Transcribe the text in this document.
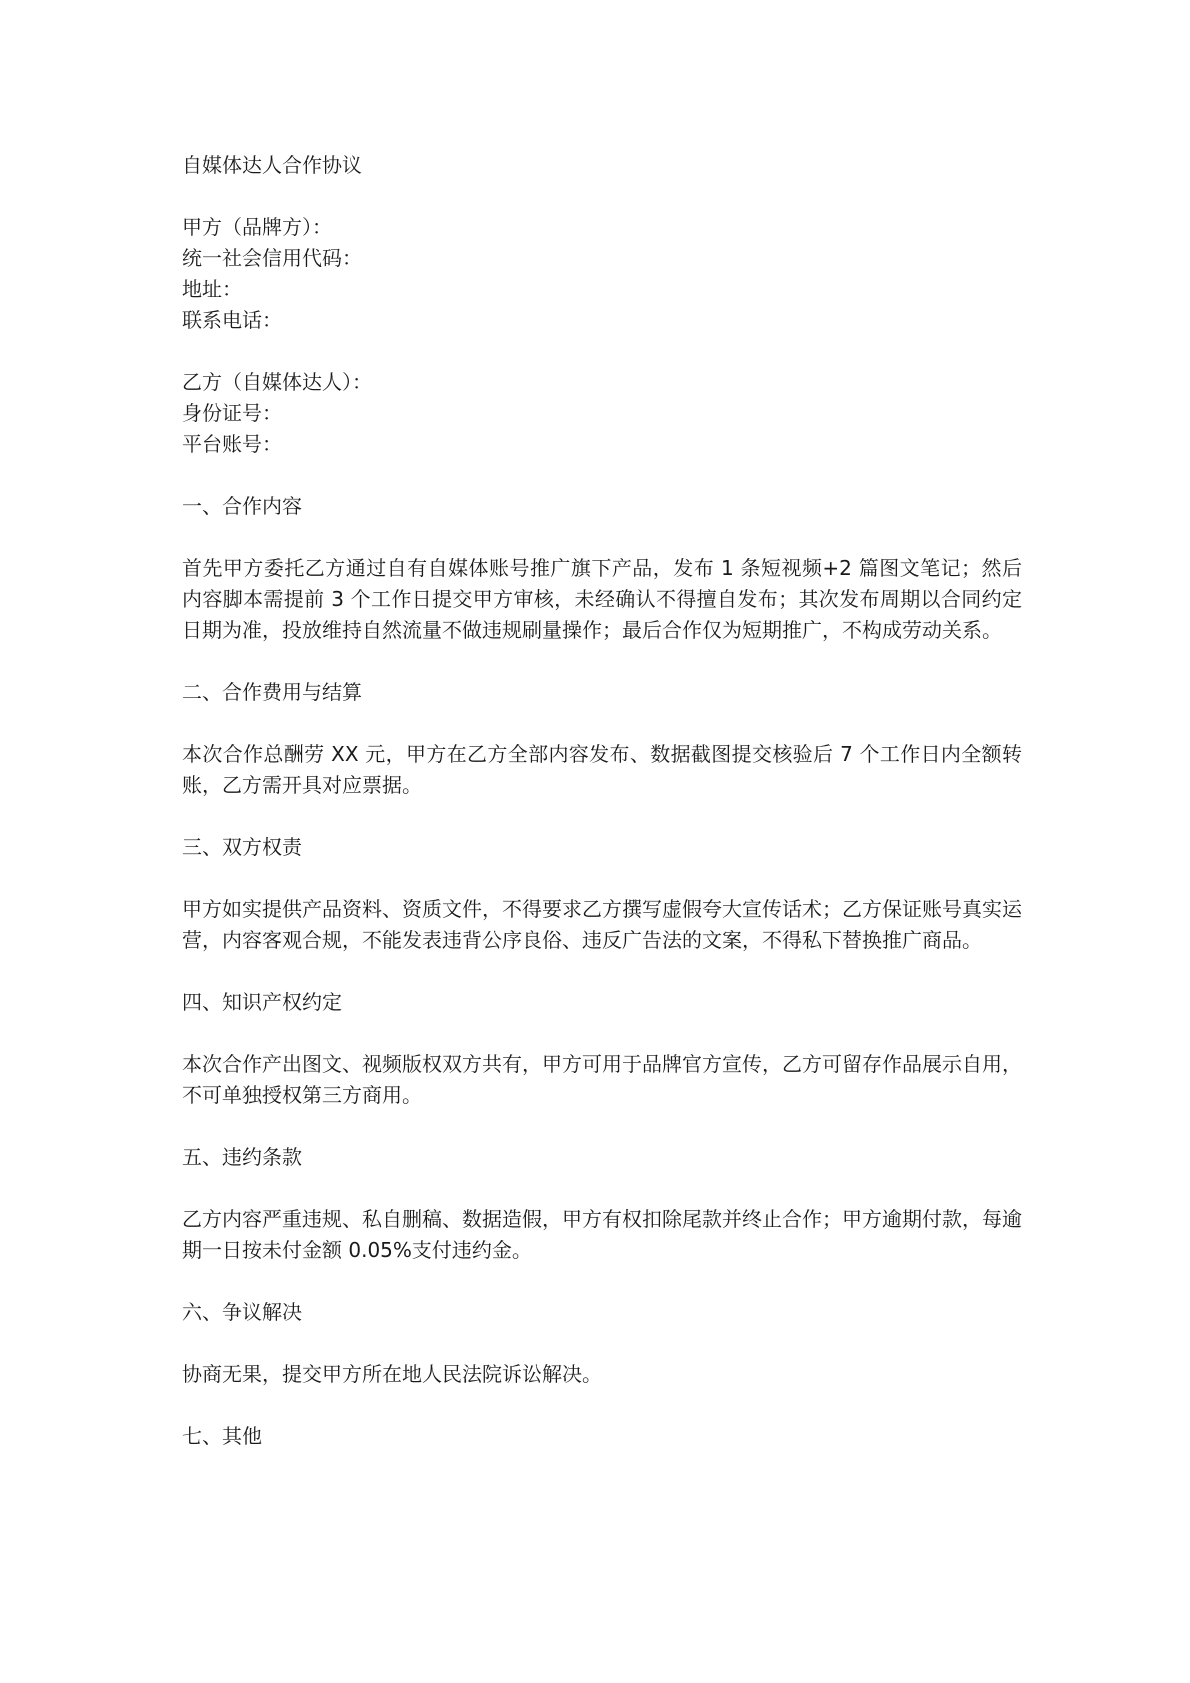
自媒体达人合作协议
甲方（品牌方）：
统一社会信用代码：
地址：
联系电话：
乙方（自媒体达人）：
身份证号：
平台账号：
一、合作内容

首先甲方委托乙方通过自有自媒体账号推广旗下产品，发布 1 条短视频+2 篇图文笔记；然后内容脚本需提前 3 个工作日提交甲方审核，未经确认不得擅自发布；其次发布周期以合同约定日期为准，投放维持自然流量不做违规刷量操作；最后合作仅为短期推广，不构成劳动关系。

二、合作费用与结算

本次合作总酬劳 XX 元，甲方在乙方全部内容发布、数据截图提交核验后 7 个工作日内全额转账，乙方需开具对应票据。

三、双方权责

甲方如实提供产品资料、资质文件，不得要求乙方撰写虚假夸大宣传话术；乙方保证账号真实运营，内容客观合规，不能发表违背公序良俗、违反广告法的文案，不得私下替换推广商品。

四、知识产权约定

本次合作产出图文、视频版权双方共有，甲方可用于品牌官方宣传，乙方可留存作品展示自用，不可单独授权第三方商用。

五、违约条款

乙方内容严重违规、私自删稿、数据造假，甲方有权扣除尾款并终止合作；甲方逾期付款，每逾期一日按未付金额 0.05%支付违约金。

六、争议解决

协商无果，提交甲方所在地人民法院诉讼解决。

七、其他
